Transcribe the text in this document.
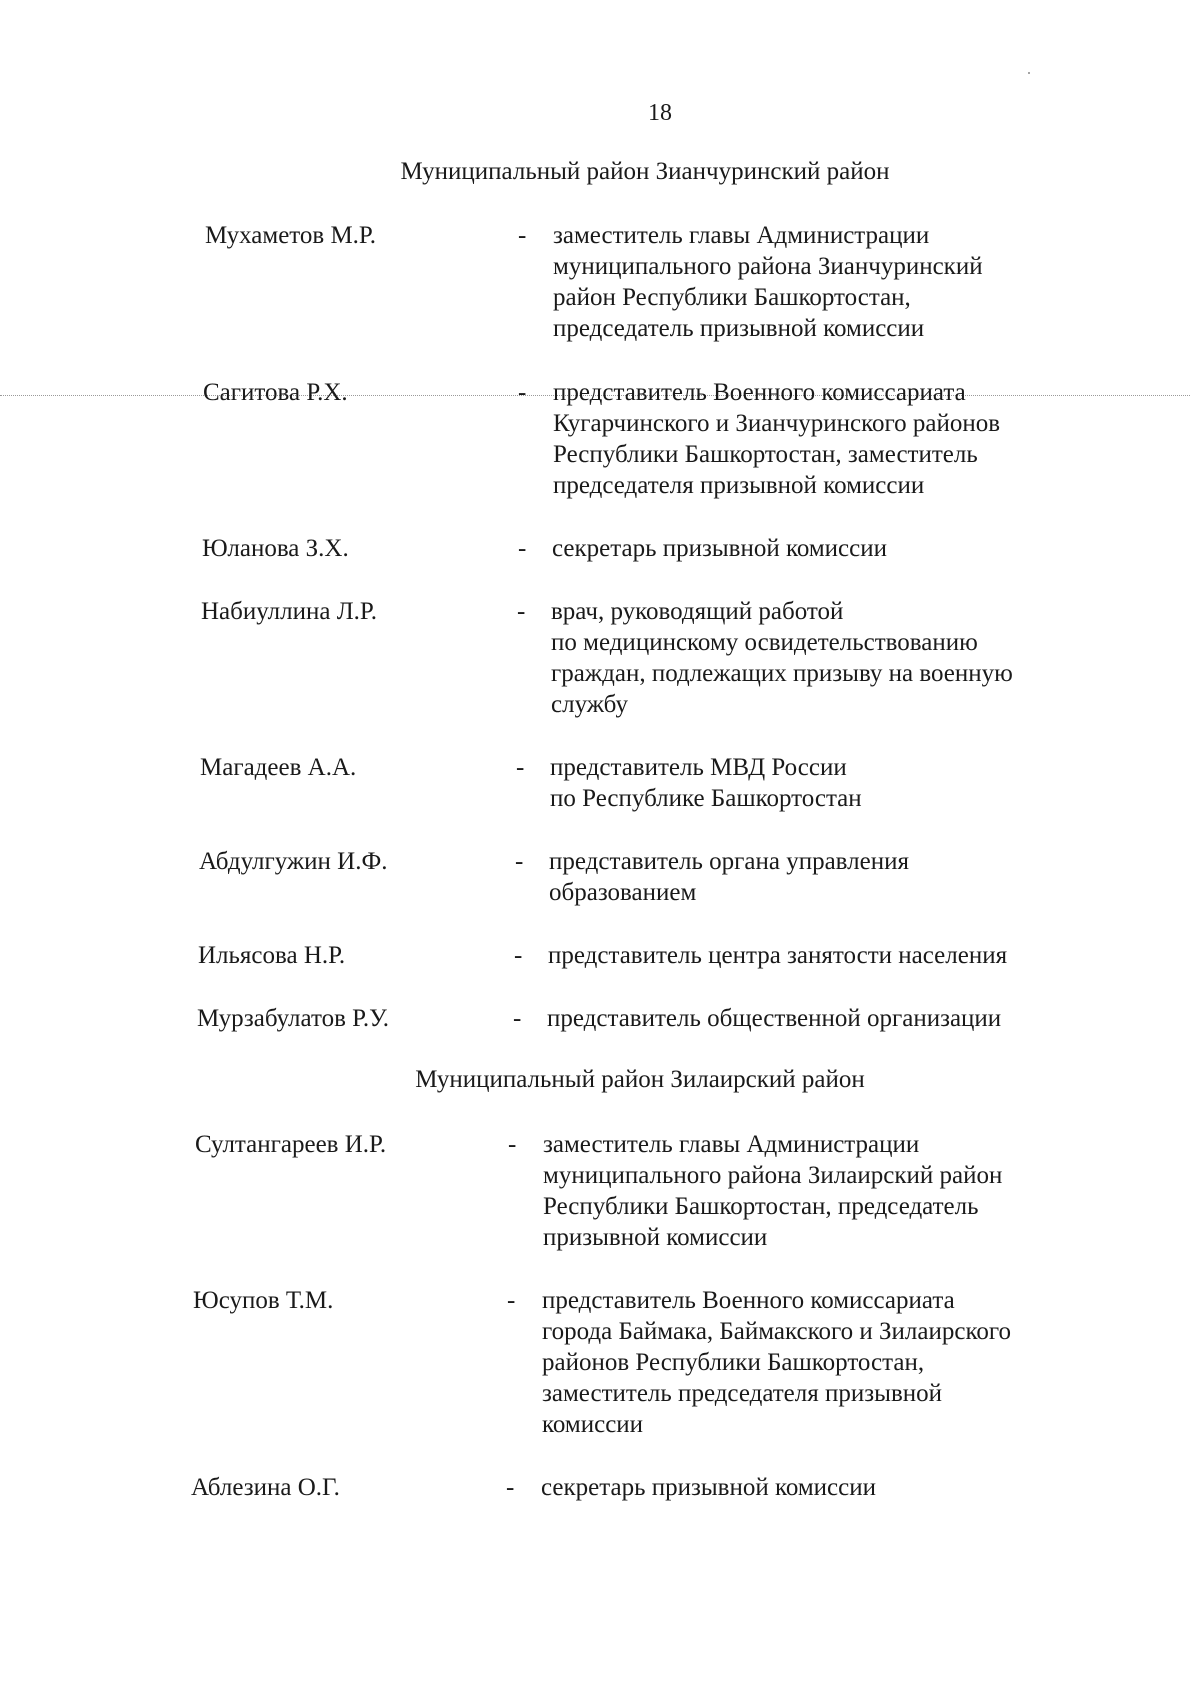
18
Муниципальный район Зианчуринский район
Мухаметов М.Р.	- заместитель главы Администрации
муниципального района Зианчуринский
район Республики Башкортостан,
председатель призывной комиссии
Сагитова Р.Х.	- представитель Военного комиссариата
Кугарчинского и Зианчуринского районов
Республики Башкортостан, заместитель
председателя призывной комиссии
Юланова З.Х.	- секретарь призывной комиссии
Набиуллина Л.Р.	- врач, руководящий работой
по медицинскому освидетельствованию
граждан, подлежащих призыву на военную
службу
Магадеев А.А.	- представитель МВД России
по Республике Башкортостан
Абдулгужин И.Ф.	- представитель органа управления
образованием
Ильясова Н.Р.	- представитель центра занятости населения
Мурзабулатов Р.У.	- представитель общественной организации
Муниципальный район Зилаирский район
Султангареев И.Р.	- заместитель главы Администрации
муниципального района Зилаирский район
Республики Башкортостан, председатель
призывной комиссии
Юсупов Т.М.	- представитель Военного комиссариата
города Баймака, Баймакского и Зилаирского
районов Республики Башкортостан,
заместитель председателя призывной
комиссии
Аблезина О.Г.	- секретарь призывной комиссии
